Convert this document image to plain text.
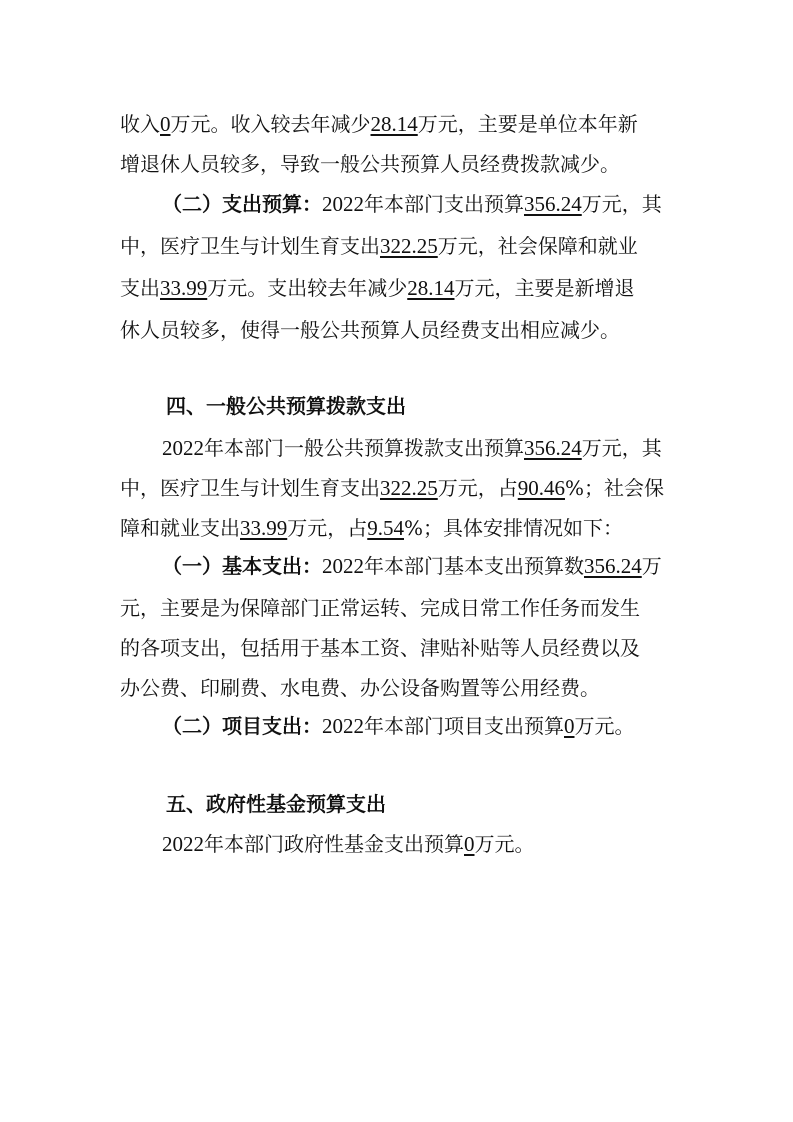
收入0万元。收入较去年减少28.14万元，主要是单位本年新
增退休人员较多，导致一般公共预算人员经费拨款减少。
（二）支出预算：2022年本部门支出预算356.24万元，其
中，医疗卫生与计划生育支出322.25万元，社会保障和就业
支出33.99万元。支出较去年减少28.14万元，主要是新增退
休人员较多，使得一般公共预算人员经费支出相应减少。
四、一般公共预算拨款支出
2022年本部门一般公共预算拨款支出预算356.24万元，其
中，医疗卫生与计划生育支出322.25万元，占90.46%；社会保
障和就业支出33.99万元，占9.54%；具体安排情况如下：
（一）基本支出：2022年本部门基本支出预算数356.24万
元，主要是为保障部门正常运转、完成日常工作任务而发生
的各项支出，包括用于基本工资、津贴补贴等人员经费以及
办公费、印刷费、水电费、办公设备购置等公用经费。
（二）项目支出：2022年本部门项目支出预算0万元。
五、政府性基金预算支出
2022年本部门政府性基金支出预算0万元。
